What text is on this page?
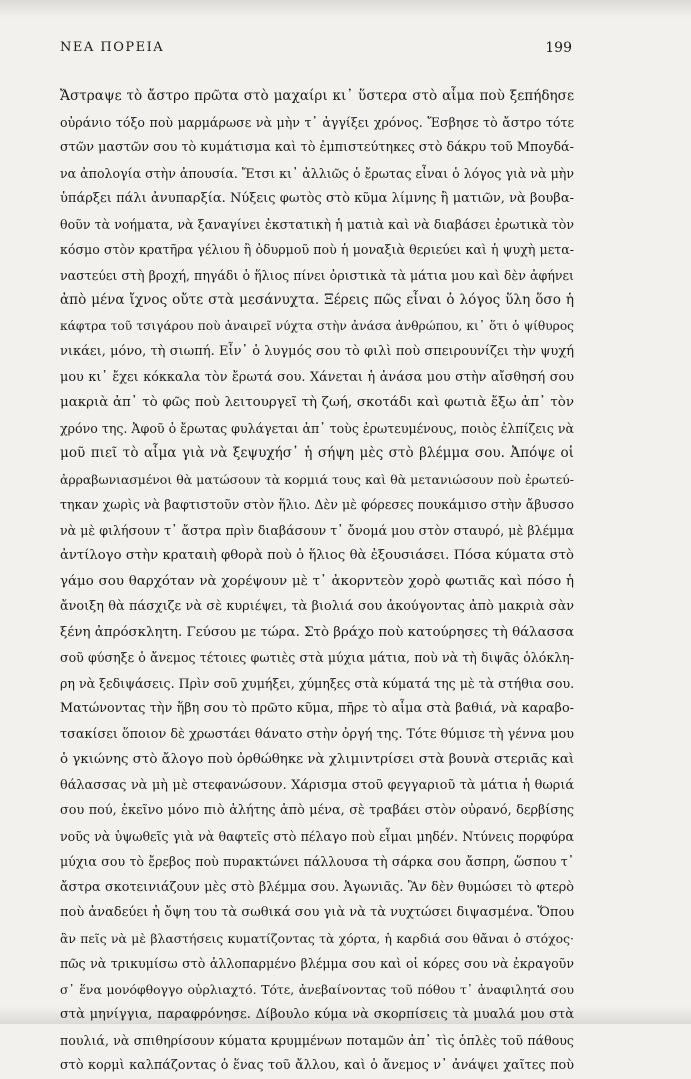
ΝΕΑ ΠΟΡΕΙΑ	199
Ἄστραψε τὸ ἄστρο πρῶτα στὸ μαχαίρι κι᾽ ὕστερα στὸ αἷμα ποὺ ξεπήδησε
οὐράνιο τόξο ποὺ μαρμάρωσε νὰ μὴν τ᾽ ἀγγίξει χρόνος. Ἔσβησε τὸ ἄστρο τότε
στῶν μαστῶν σου τὸ κυμάτισμα καὶ τὸ ἐμπιστεύτηκες στὸ δάκρυ τοῦ Μποyδά-
να ἀπολογία στὴν ἀπουσία. Ἔτσι κι᾽ ἀλλιῶς ὁ ἔρωτας εἶναι ὁ λόγος γιὰ νὰ μὴν
ὑπάρξει πάλι ἀνυπαρξία. Νύξεις φωτὸς στὸ κῦμα λίμνης ἢ ματιῶν, νὰ βουβα-
θοῦν τὰ νοήματα, νὰ ξαναγίνει ἐκστατικὴ ἡ ματιὰ καὶ νὰ διαβάσει ἐρωτικὰ τὸν
κόσμο στὸν κρατῆρα γέλιου ἢ ὀδυρμοῦ ποὺ ἡ μοναξιὰ θεριεύει καὶ ἡ ψυχὴ μετα-
ναστεύει στὴ βροχή, πηγάδι ὁ ἥλιος πίνει ὀριστικὰ τὰ μάτια μου καὶ δὲν ἀφήνει
ἀπὸ μένα ἴχνος οὔτε στὰ μεσάνυχτα. Ξέρεις πῶς εἶναι ὁ λόγος ὕλη ὅσο ἡ
κάφτρα τοῦ τσιγάρου ποὺ ἀναιρεῖ νύχτα στὴν ἀνάσα ἀνθρώπου, κι᾽ ὅτι ὁ ψίθυρος
νικάει, μόνο, τὴ σιωπή. Εἶν᾽ ὁ λυγμός σου τὸ φιλὶ ποὺ σπειρουνίζει τὴν ψυχή
μου κι᾽ ἔχει κόκκαλα τὸν ἔρωτά σου. Χάνεται ἡ ἀνάσα μου στὴν αἴσθησή σου
μακριὰ ἀπ᾽ τὸ φῶς ποὺ λειτουργεῖ τὴ ζωή, σκοτάδι καὶ φωτιὰ ἔξω ἀπ᾽ τὸν
χρόνο της. Ἀφοῦ ὁ ἔρωτας φυλάγεται ἀπ᾽ τοὺς ἐρωτευμένους, ποιὸς ἐλπίζεις νὰ
μοῦ πιεῖ τὸ αἷμα γιὰ νὰ ξεψυχήσ᾽ ἡ σήψη μὲς στὸ βλέμμα σου. Ἀπόψε οἱ
ἀρραβωνιασμένοι θὰ ματώσουν τὰ κορμιά τους καὶ θὰ μετανιώσουν ποὺ ἐρωτεύ-
τηκαν χωρὶς νὰ βαφτιστοῦν στὸν ἥλιο. Δὲν μὲ φόρεσες πουκάμισο στὴν ἄβυσσο
νὰ μὲ φιλήσουν τ᾽ ἄστρα πρὶν διαβάσουν τ᾽ ὄνομά μου στὸν σταυρό, μὲ βλέμμα
ἀντίλογο στὴν κραταιὴ φθορὰ ποὺ ὁ ἥλιος θὰ ἐξουσιάσει. Πόσα κύματα στὸ
γάμο σου θαρχόταν νὰ χορέψουν μὲ τ᾽ ἀκορντεὸν χορὸ φωτιᾶς καὶ πόσο ἡ
ἄνοιξη θὰ πάσχιζε νὰ σὲ κυριέψει, τὰ βιολιά σου ἀκούγοντας ἀπὸ μακριὰ σὰν
ξένη ἀπρόσκλητη. Γεύσου με τώρα. Στὸ βράχο ποὺ κατούρησες τὴ θάλασσα
σοῦ φύσηξε ὁ ἄνεμος τέτοιες φωτιὲς στὰ μύχια μάτια, ποὺ νὰ τὴ διψᾶς ὁλόκλη-
ρη νὰ ξεδιψάσεις. Πρὶν σοῦ χυμήξει, χύμηξες στὰ κύματά της μὲ τὰ στήθια σου.
Ματώνοντας τὴν ἥβη σου τὸ πρῶτο κῦμα, πῆρε τὸ αἷμα στὰ βαθιά, νὰ καραβο-
τσακίσει ὅποιον δὲ χρωστάει θάνατο στὴν ὀργή της. Τότε θύμισε τὴ γέννα μου
ὁ γκιώνης στὸ ἄλογο ποὺ ὀρθώθηκε νὰ χλιμιντρίσει στὰ βουνὰ στεριᾶς καὶ
θάλασσας νὰ μὴ μὲ στεφανώσουν. Χάρισμα στοῦ φεγγαριοῦ τὰ μάτια ἡ θωριά
σου πού, ἐκεῖνο μόνο πιὸ ἀλήτης ἀπὸ μένα, σὲ τραβάει στὸν οὐρανό, δερβίσης
νοῦς νὰ ὑψωθεῖς γιὰ νὰ θαφτεῖς στὸ πέλαγο ποὺ εἶμαι μηδέν. Ντύνεις πορφύρα
μύχια σου τὸ ἔρεβος ποὺ πυρακτώνει πάλλουσα τὴ σάρκα σου ἄσπρη, ὥσπου τ᾽
ἄστρα σκοτεινιάζουν μὲς στὸ βλέμμα σου. Ἀγωνιᾶς. Ἂν δὲν θυμώσει τὸ φτερὸ
ποὺ ἀναδεύει ἡ ὄψη του τὰ σωθικά σου γιὰ νὰ τὰ νυχτώσει διψασμένα. Ὅπου
ἂν πεῖς νὰ μὲ βλαστήσεις κυματίζοντας τὰ χόρτα, ἡ καρδιά σου θἄναι ὁ στόχος·
πῶς νὰ τρικυμίσω στὸ ἀλλοπαρμένο βλέμμα σου καὶ οἱ κόρες σου νὰ ἐκραγοῦν
σ᾽ ἕνα μονόφθογγο οὐρλιαχτό. Τότε, ἀνεβαίνοντας τοῦ πόθου τ᾽ ἀναφιλητά σου
στὰ μηνίγγια, παραφρόνησε. Δίβουλο κύμα νὰ σκορπίσεις τὰ μυαλά μου στὰ
πουλιά, νὰ σπιθηρίσουν κύματα κρυμμένων ποταμῶν ἀπ᾽ τὶς ὁπλὲς τοῦ πάθους
στὸ κορμὶ καλπάζοντας ὁ ἕνας τοῦ ἄλλου, καὶ ὁ ἄνεμος ν᾽ ἀνάψει χαῖτες ποὺ
